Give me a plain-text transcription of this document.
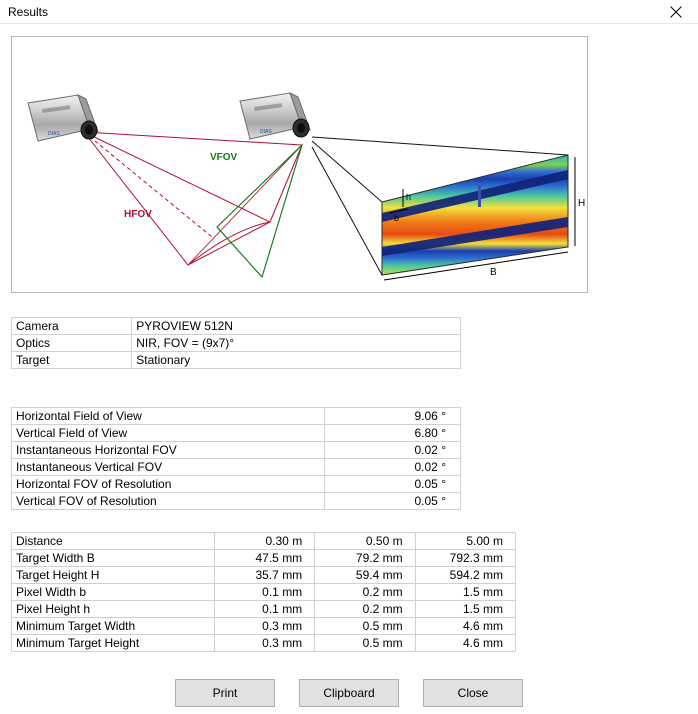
Results
h
b
H
B
HFOV
VFOV
DIAS	DIAS
Camera	PYROVIEW 512N
Optics	NIR, FOV = (9x7)°
Target	Stationary
Horizontal Field of View	9.06 °
Vertical Field of View	6.80 °
Instantaneous Horizontal FOV	0.02 °
Instantaneous Vertical FOV	0.02 °
Horizontal FOV of Resolution	0.05 °
Vertical FOV of Resolution	0.05 °
Distance	0.30 m	0.50 m	5.00 m
Target Width B	47.5 mm	79.2 mm	792.3 mm
Target Height H	35.7 mm	59.4 mm	594.2 mm
Pixel Width b	0.1 mm	0.2 mm	1.5 mm
Pixel Height h	0.1 mm	0.2 mm	1.5 mm
Minimum Target Width	0.3 mm	0.5 mm	4.6 mm
Minimum Target Height	0.3 mm	0.5 mm	4.6 mm
Print	Clipboard	Close
